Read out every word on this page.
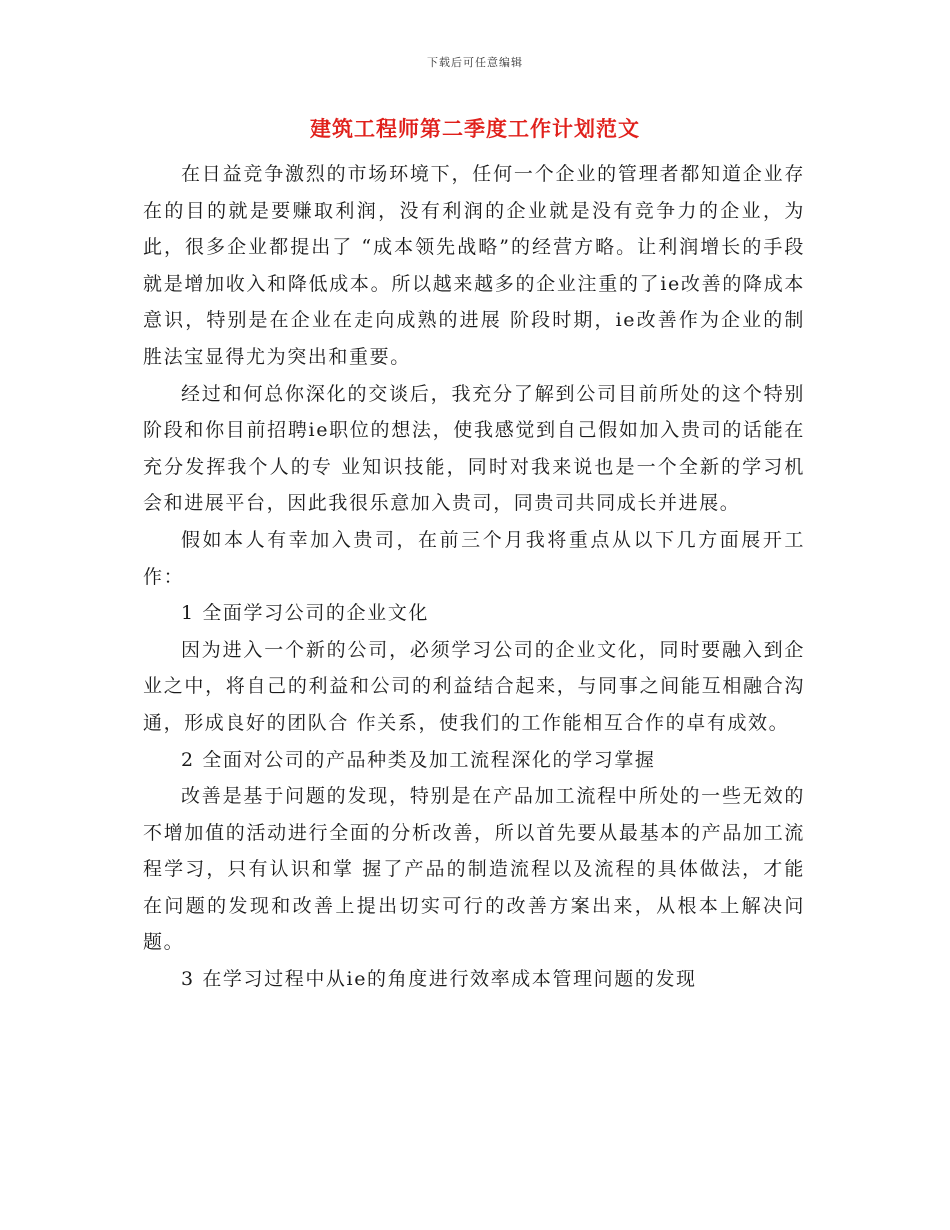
下载后可任意编辑
建筑工程师第二季度工作计划范文

在日益竞争激烈的市场环境下，任何一个企业的管理者都知道企业存在的目的就是要赚取利润，没有利润的企业就是没有竞争力的企业，为此，很多企业都提出了 “成本领先战略”的经营方略。让利润增长的手段就是增加收入和降低成本。所以越来越多的企业注重的了ie改善的降成本意识，特别是在企业在走向成熟的进展 阶段时期，ie改善作为企业的制胜法宝显得尤为突出和重要。

经过和何总你深化的交谈后，我充分了解到公司目前所处的这个特别阶段和你目前招聘ie职位的想法，使我感觉到自己假如加入贵司的话能在充分发挥我个人的专 业知识技能，同时对我来说也是一个全新的学习机会和进展平台，因此我很乐意加入贵司，同贵司共同成长并进展。

假如本人有幸加入贵司，在前三个月我将重点从以下几方面展开工作：

1 全面学习公司的企业文化

因为进入一个新的公司，必须学习公司的企业文化，同时要融入到企业之中，将自己的利益和公司的利益结合起来，与同事之间能互相融合沟通，形成良好的团队合 作关系，使我们的工作能相互合作的卓有成效。

2 全面对公司的产品种类及加工流程深化的学习掌握

改善是基于问题的发现，特别是在产品加工流程中所处的一些无效的不增加值的活动进行全面的分析改善，所以首先要从最基本的产品加工流程学习，只有认识和掌 握了产品的制造流程以及流程的具体做法，才能在问题的发现和改善上提出切实可行的改善方案出来，从根本上解决问题。

3 在学习过程中从ie的角度进行效率成本管理问题的发现
